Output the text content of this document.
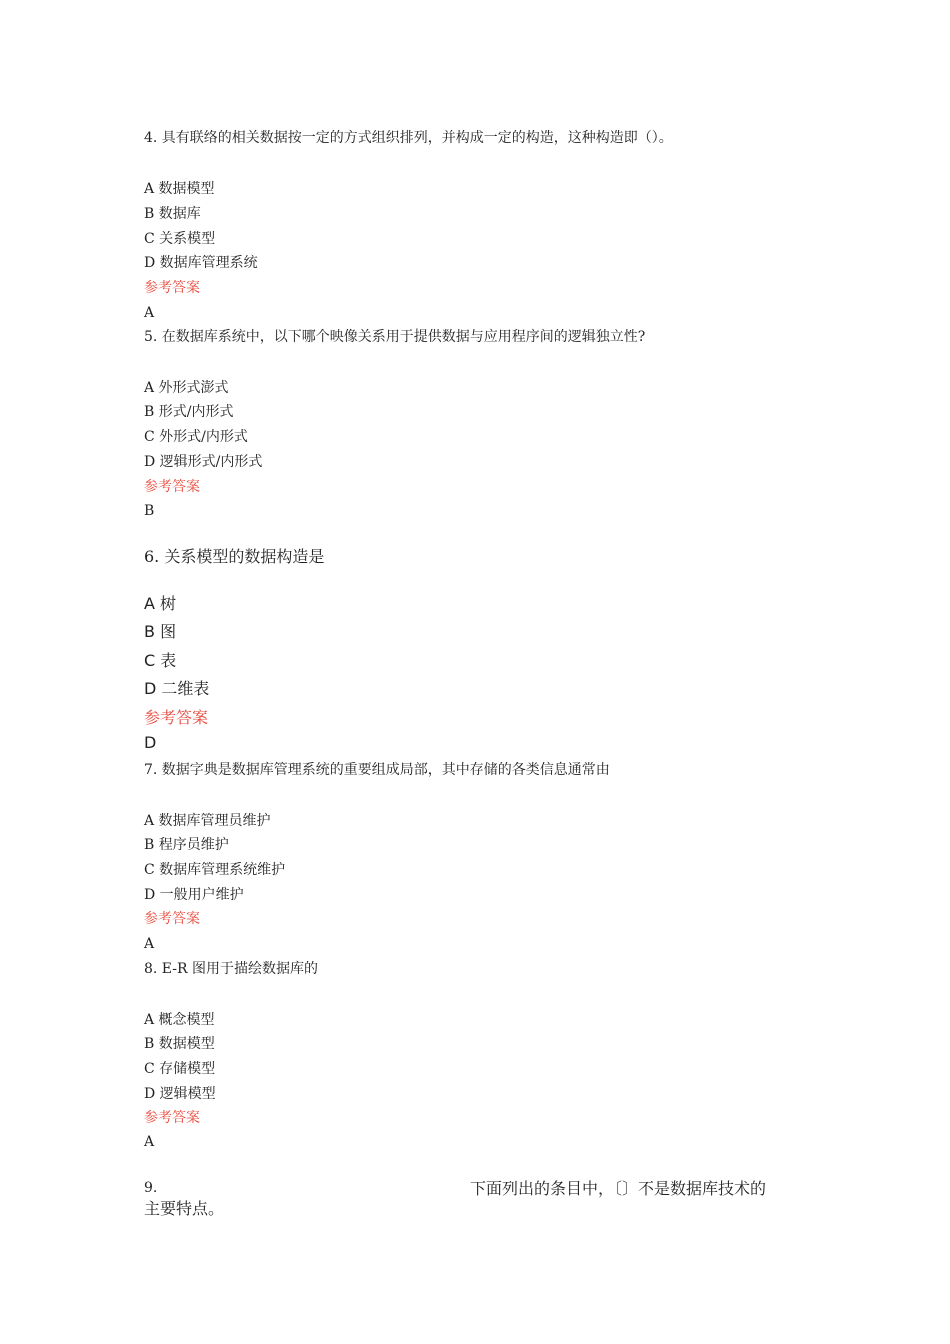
4. 具有联络的相关数据按一定的方式组织排列，并构成一定的构造，这种构造即（）。
A 数据模型
B 数据库
C 关系模型
D 数据库管理系统
参考答案
A
5. 在数据库系统中，以下哪个映像关系用于提供数据与应用程序间的逻辑独立性?
A 外形式澎式
B 形式/内形式
C 外形式/内形式
D 逻辑形式/内形式
参考答案
B
6. 关系模型的数据构造是
A 树
B 图
C 表
D 二维表
参考答案
D
7. 数据字典是数据库管理系统的重要组成局部，其中存储的各类信息通常由
A 数据库管理员维护
B 程序员维护
C 数据库管理系统维护
D 一般用户维护
参考答案
A
8. E-R 图用于描绘数据库的
A 概念模型
B 数据模型
C 存储模型
D 逻辑模型
参考答案
A
9.	下面列出的条目中，〔〕不是数据库技术的
主要特点。
